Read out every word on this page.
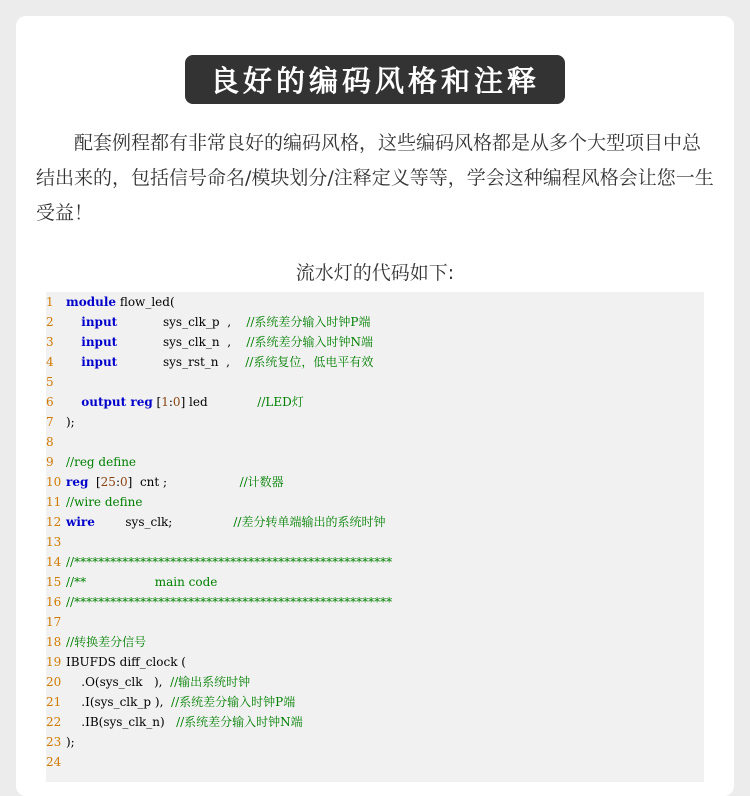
良好的编码风格和注释

配套例程都有非常良好的编码风格，这些编码风格都是从多个大型项目中总结出来的，包括信号命名/模块划分/注释定义等等，学会这种编程风格会让您一生受益！

流水灯的代码如下:
1	module flow_led(
2	input            sys_clk_p  ,    //系统差分输入时钟P端
3	input            sys_clk_n  ,    //系统差分输入时钟N端
4	input            sys_rst_n  ,    //系统复位，低电平有效
5
6	output reg [1:0] led             //LED灯
7	);
8
9	//reg define
10 reg  [25:0]  cnt ;                   //计数器
11 //wire define
12 wire        sys_clk;                //差分转单端输出的系统时钟
13
14 //*****************************************************
15 //**                  main code
16 //*****************************************************
17
18 //转换差分信号
19 IBUFDS diff_clock (
20 .O(sys_clk   ),  //输出系统时钟
21 .I(sys_clk_p ),  //系统差分输入时钟P端
22 .IB(sys_clk_n)   //系统差分输入时钟N端
23 );
24
